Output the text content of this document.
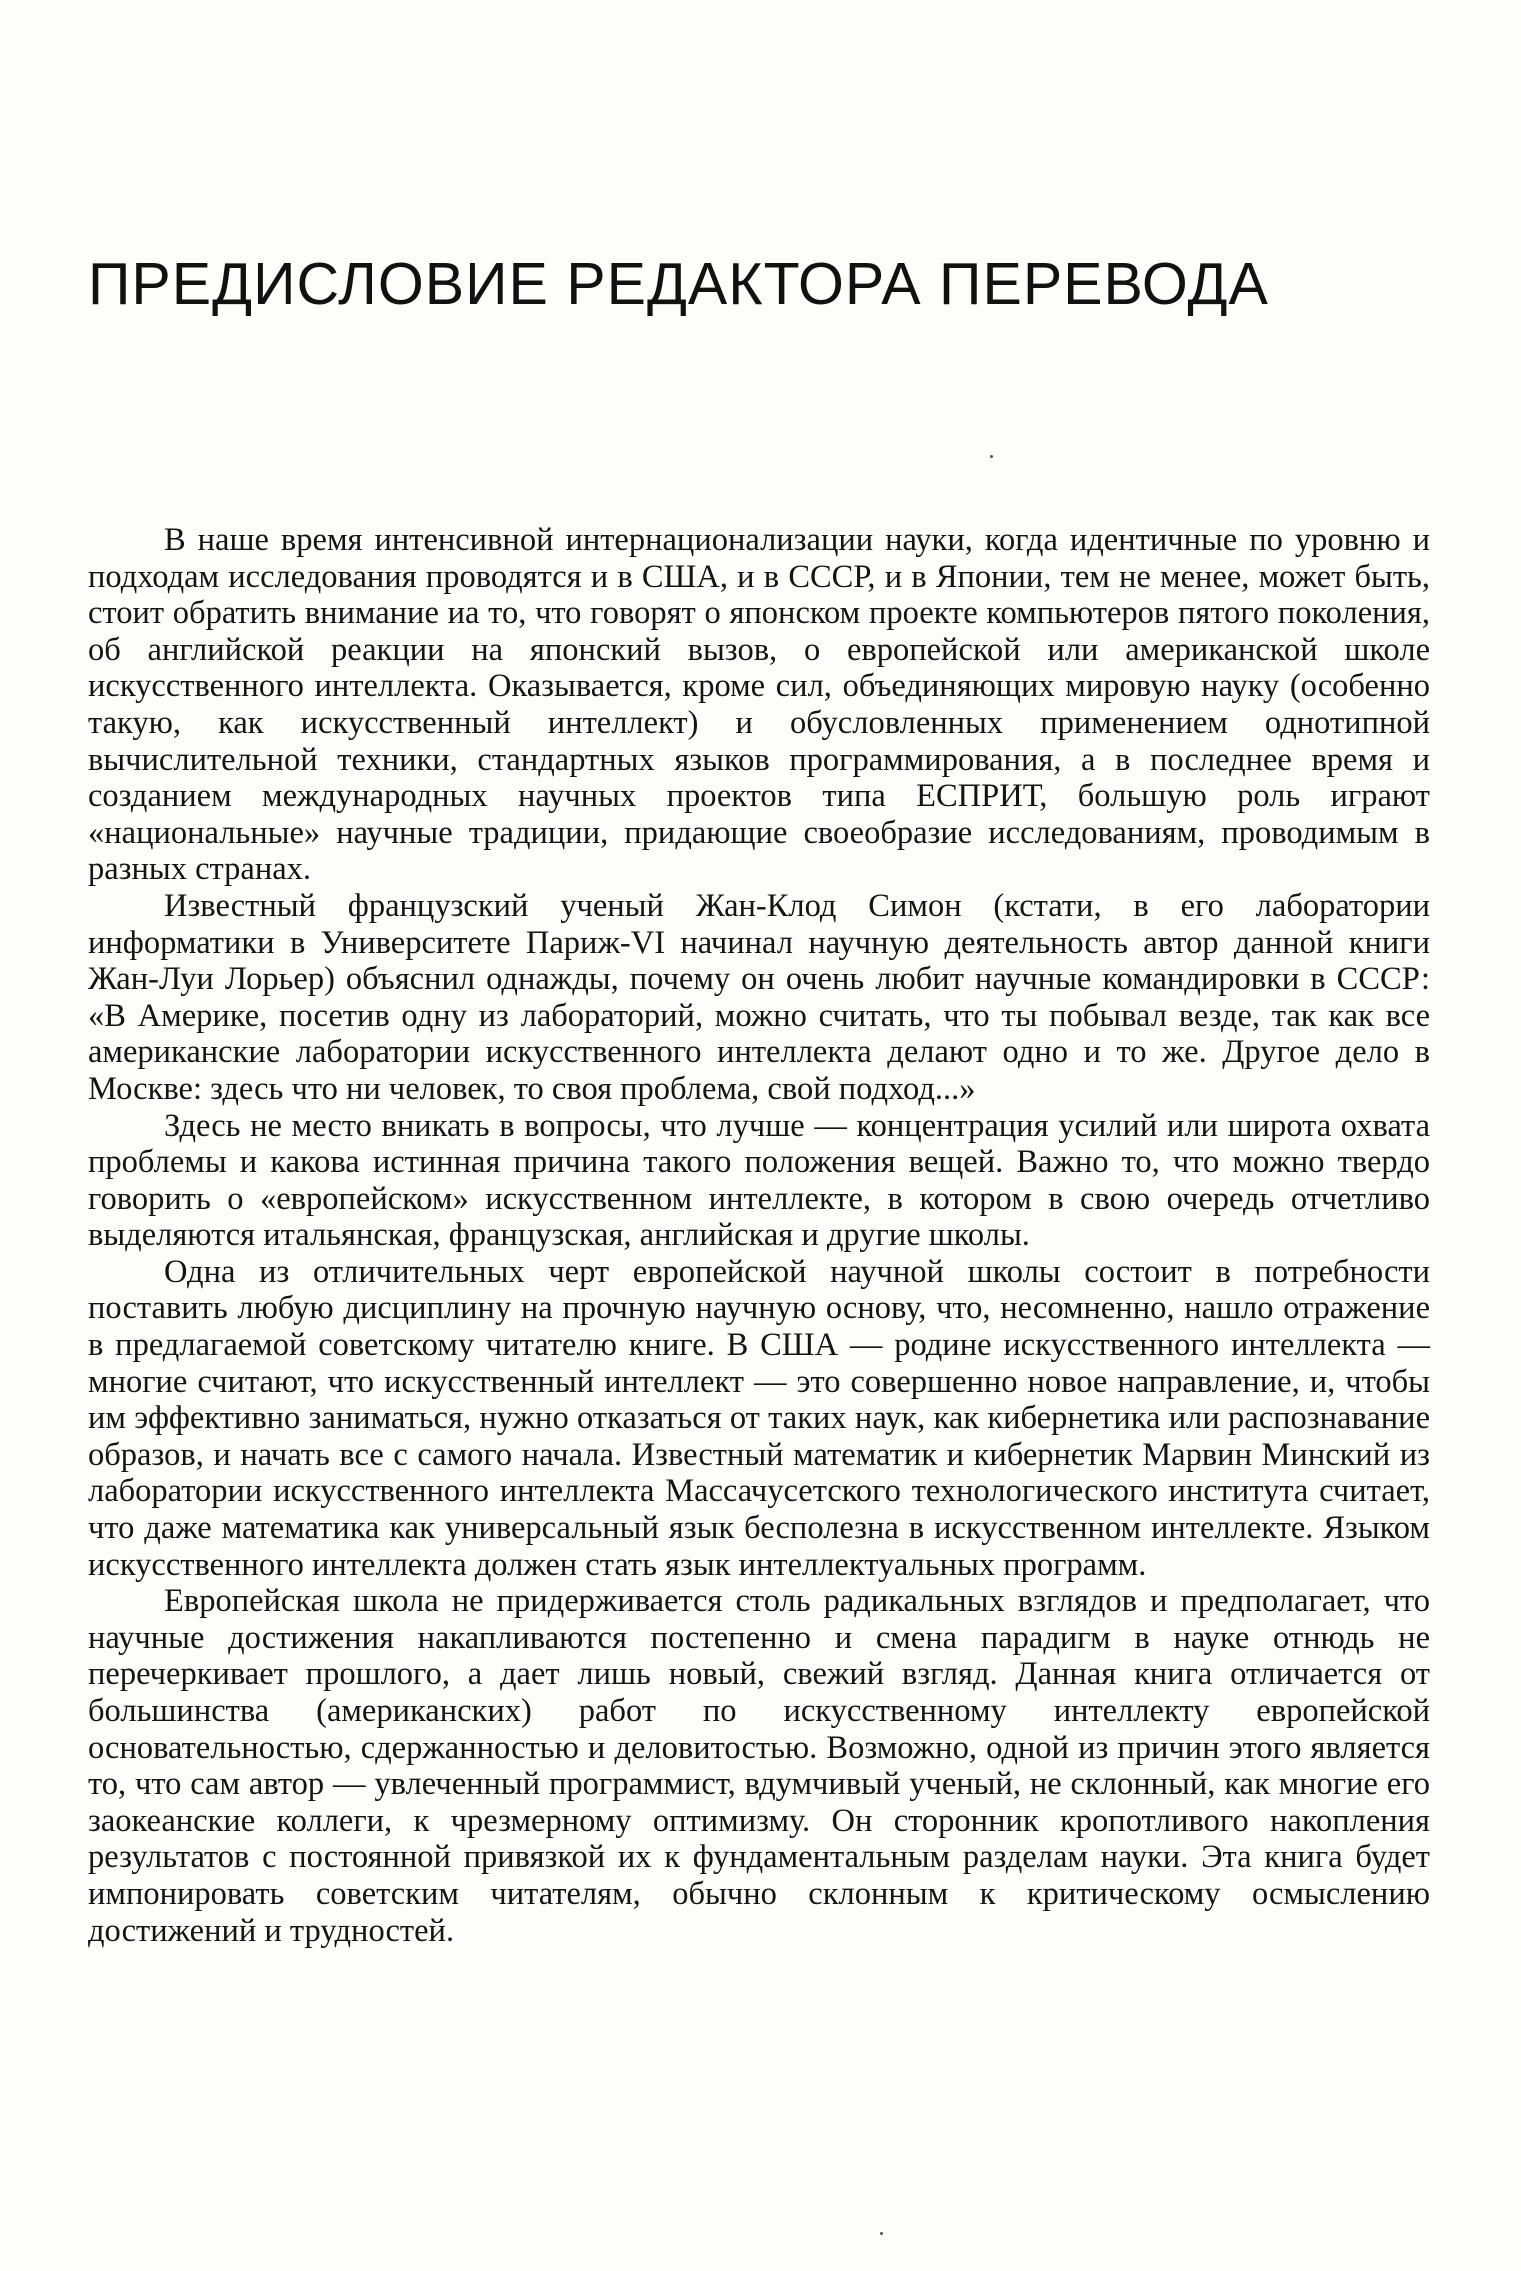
ПРЕДИСЛОВИЕ РЕДАКТОРА ПЕРЕВОДА

В наше время интенсивной интернационализации науки, когда идентичные по уровню и подходам исследования проводятся и в США, и в СССР, и в Японии, тем не менее, может быть, стоит обратить внимание иа то, что говорят о японском проекте компьютеров пятого поколения, об английской реакции на японский вызов, о европейской или американской школе искусственного интеллекта. Оказывается, кроме сил, объединяющих мировую науку (особенно такую, как искусственный интеллект) и обусловленных применением однотипной вычислительной техники, стандартных языков программирования, а в последнее время и созданием международных научных проектов типа ЕСПРИТ, большую роль играют «национальные» научные традиции, придающие своеобразие исследованиям, проводимым в разных странах.

Известный французский ученый Жан-Клод Симон (кстати, в его лаборатории информатики в Университете Париж-VI начинал научную деятельность автор данной книги Жан-Луи Лорьер) объяснил однажды, почему он очень любит научные командировки в СССР: «В Америке, посетив одну из лабораторий, можно считать, что ты побывал везде, так как все американские лаборатории искусственного интеллекта делают одно и то же. Другое дело в Москве: здесь что ни человек, то своя проблема, свой подход...»

Здесь не место вникать в вопросы, что лучше — концентрация усилий или широта охвата проблемы и какова истинная причина такого положения вещей. Важно то, что можно твердо говорить о «европейском» искусственном интеллекте, в котором в свою очередь отчетливо выделяются итальянская, французская, английская и другие школы.

Одна из отличительных черт европейской научной школы состоит в потребности поставить любую дисциплину на прочную научную основу, что, несомненно, нашло отражение в предлагаемой советскому читателю книге. В США — родине искусственного интеллекта — многие считают, что искусственный интеллект — это совершенно новое направление, и, чтобы им эффективно заниматься, нужно отказаться от таких наук, как кибернетика или распознавание образов, и начать все с самого начала. Известный математик и кибернетик Марвин Минский из лаборатории искусственного интеллекта Массачусетского технологического института считает, что даже математика как универсальный язык бесполезна в искусственном интеллекте. Языком искусственного интеллекта должен стать язык интеллектуальных программ.

Европейская школа не придерживается столь радикальных взглядов и предполагает, что научные достижения накапливаются постепенно и смена парадигм в науке отнюдь не перечеркивает прошлого, а дает лишь новый, свежий взгляд. Данная книга отличается от большинства (американских) работ по искусственному интеллекту европейской основательностью, сдержанностью и деловитостью. Возможно, одной из причин этого является то, что сам автор — увлеченный программист, вдумчивый ученый, не склонный, как многие его заокеанские коллеги, к чрезмерному оптимизму. Он сторонник кропотливого накопления результатов с постоянной привязкой их к фундаментальным разделам науки. Эта книга будет импонировать советским читателям, обычно склонным к критическому осмыслению достижений и трудностей.
